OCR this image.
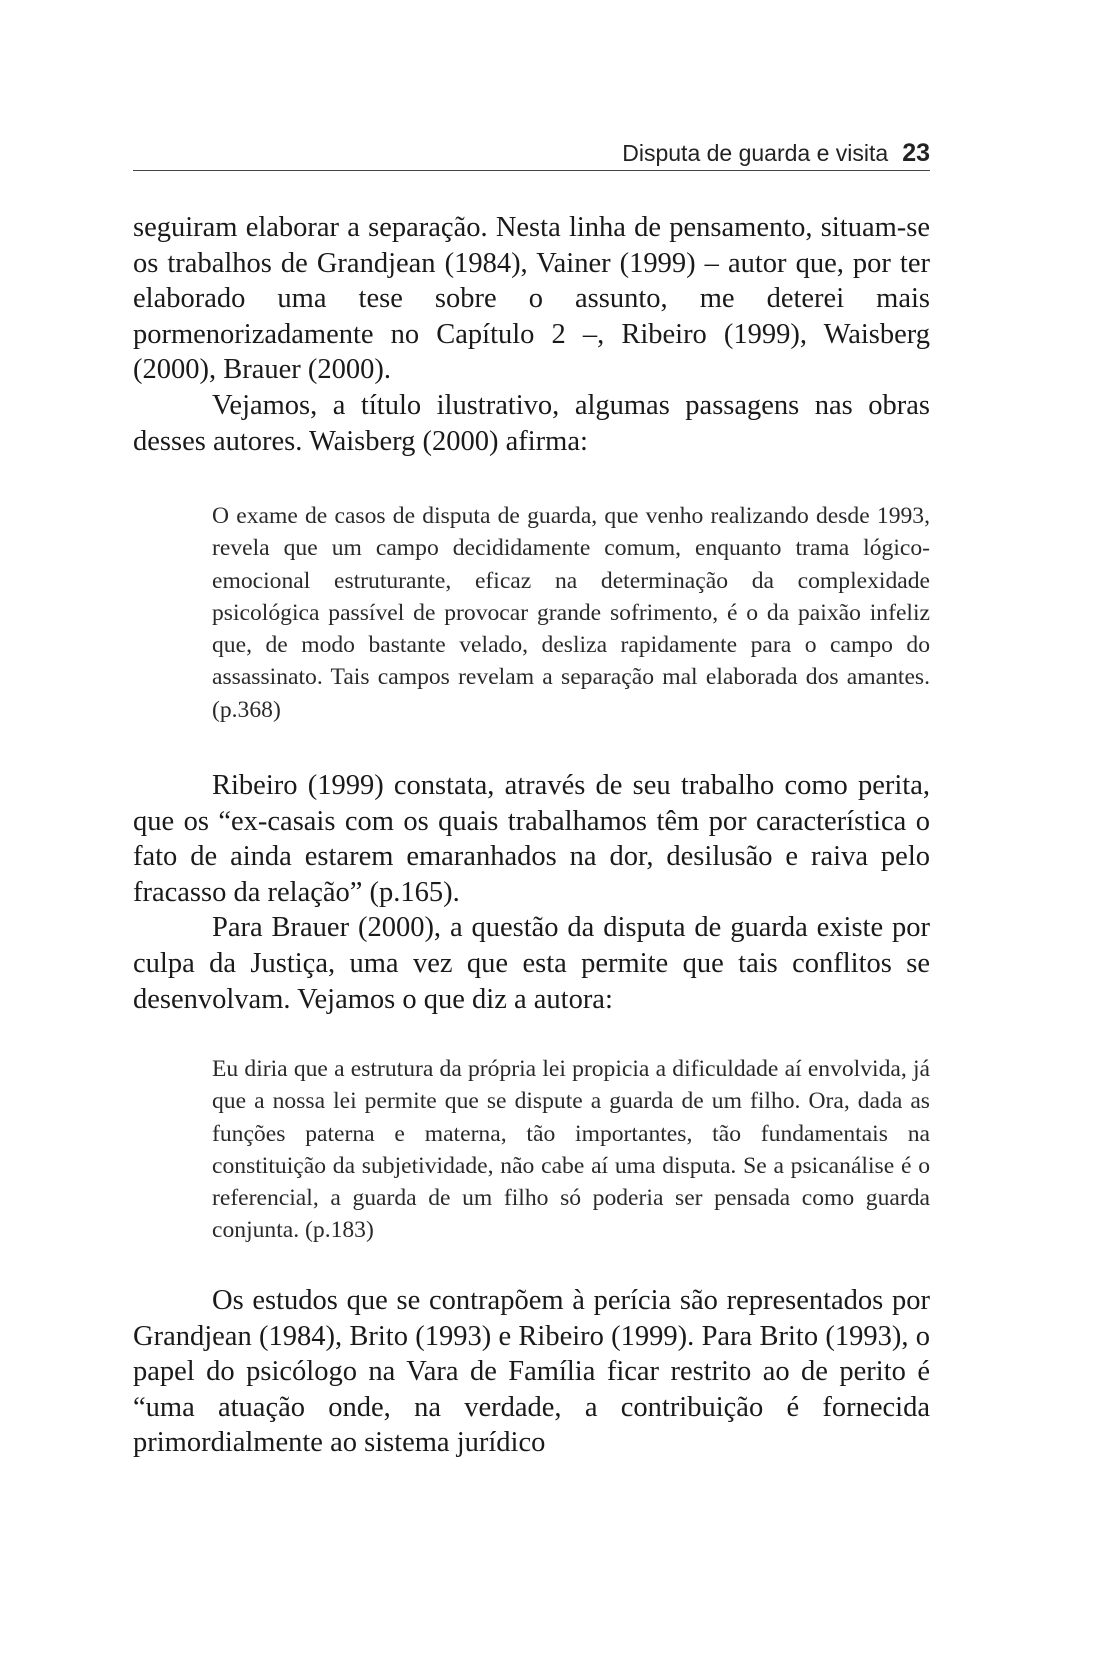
Disputa de guarda e visita 23

seguiram elaborar a separação. Nesta linha de pensamento, situam-se os trabalhos de Grandjean (1984), Vainer (1999) – autor que, por ter elaborado uma tese sobre o assunto, me deterei mais pormenorizadamente no Capítulo 2 –, Ribeiro (1999), Waisberg (2000), Brauer (2000).

Vejamos, a título ilustrativo, algumas passagens nas obras desses autores. Waisberg (2000) afirma:

O exame de casos de disputa de guarda, que venho realizando desde 1993, revela que um campo decididamente comum, enquanto trama lógico-emocional estruturante, eficaz na determinação da complexidade psicológica passível de provocar grande sofrimento, é o da paixão infeliz que, de modo bastante velado, desliza rapidamente para o campo do assassinato. Tais campos revelam a separação mal elaborada dos amantes. (p.368)

Ribeiro (1999) constata, através de seu trabalho como perita, que os “ex-casais com os quais trabalhamos têm por característica o fato de ainda estarem emaranhados na dor, desilusão e raiva pelo fracasso da relação” (p.165).

Para Brauer (2000), a questão da disputa de guarda existe por culpa da Justiça, uma vez que esta permite que tais conflitos se desenvolvam. Vejamos o que diz a autora:

Eu diria que a estrutura da própria lei propicia a dificuldade aí envolvida, já que a nossa lei permite que se dispute a guarda de um filho. Ora, dada as funções paterna e materna, tão importantes, tão fundamentais na constituição da subjetividade, não cabe aí uma disputa. Se a psicanálise é o referencial, a guarda de um filho só poderia ser pensada como guarda conjunta. (p.183)

Os estudos que se contrapõem à perícia são representados por Grandjean (1984), Brito (1993) e Ribeiro (1999). Para Brito (1993), o papel do psicólogo na Vara de Família ficar restrito ao de perito é “uma atuação onde, na verdade, a contribuição é fornecida primordialmente ao sistema jurídico
